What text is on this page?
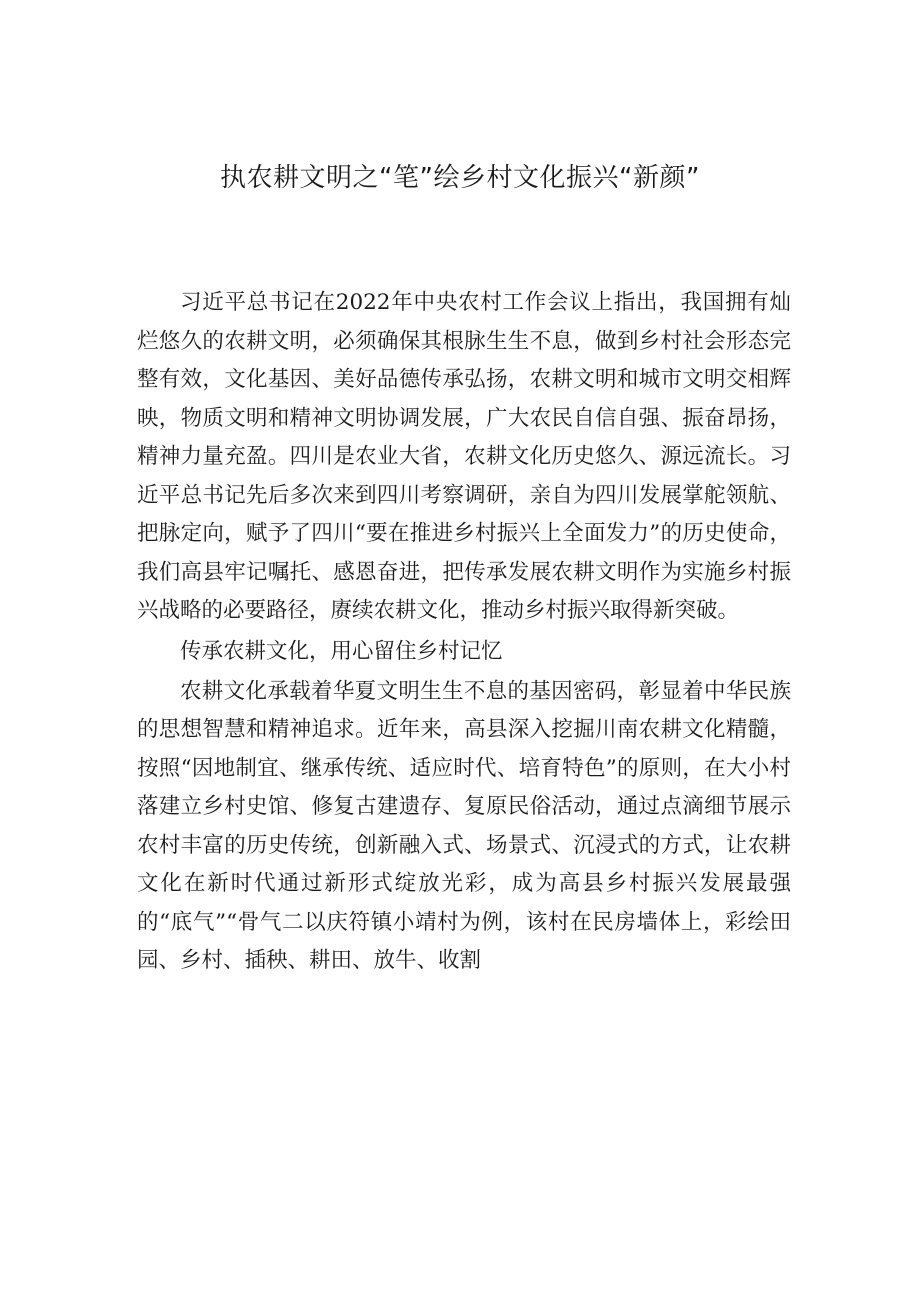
执农耕文明之“笔”绘乡村文化振兴“新颜”

习近平总书记在2022年中央农村工作会议上指出，我国拥有灿烂悠久的农耕文明，必须确保其根脉生生不息，做到乡村社会形态完整有效，文化基因、美好品德传承弘扬，农耕文明和城市文明交相辉映，物质文明和精神文明协调发展，广大农民自信自强、振奋昂扬，精神力量充盈。四川是农业大省，农耕文化历史悠久、源远流长。习近平总书记先后多次来到四川考察调研，亲自为四川发展掌舵领航、把脉定向，赋予了四川“要在推进乡村振兴上全面发力”的历史使命，我们高县牢记嘱托、感恩奋进，把传承发展农耕文明作为实施乡村振兴战略的必要路径，赓续农耕文化，推动乡村振兴取得新突破。

传承农耕文化，用心留住乡村记忆

农耕文化承载着华夏文明生生不息的基因密码，彰显着中华民族的思想智慧和精神追求。近年来，高县深入挖掘川南农耕文化精髓，按照“因地制宜、继承传统、适应时代、培育特色”的原则，在大小村落建立乡村史馆、修复古建遗存、复原民俗活动，通过点滴细节展示农村丰富的历史传统，创新融入式、场景式、沉浸式的方式，让农耕文化在新时代通过新形式绽放光彩，成为高县乡村振兴发展最强的“底气”“骨气二以庆符镇小靖村为例，该村在民房墙体上，彩绘田园、乡村、插秧、耕田、放牛、收割
